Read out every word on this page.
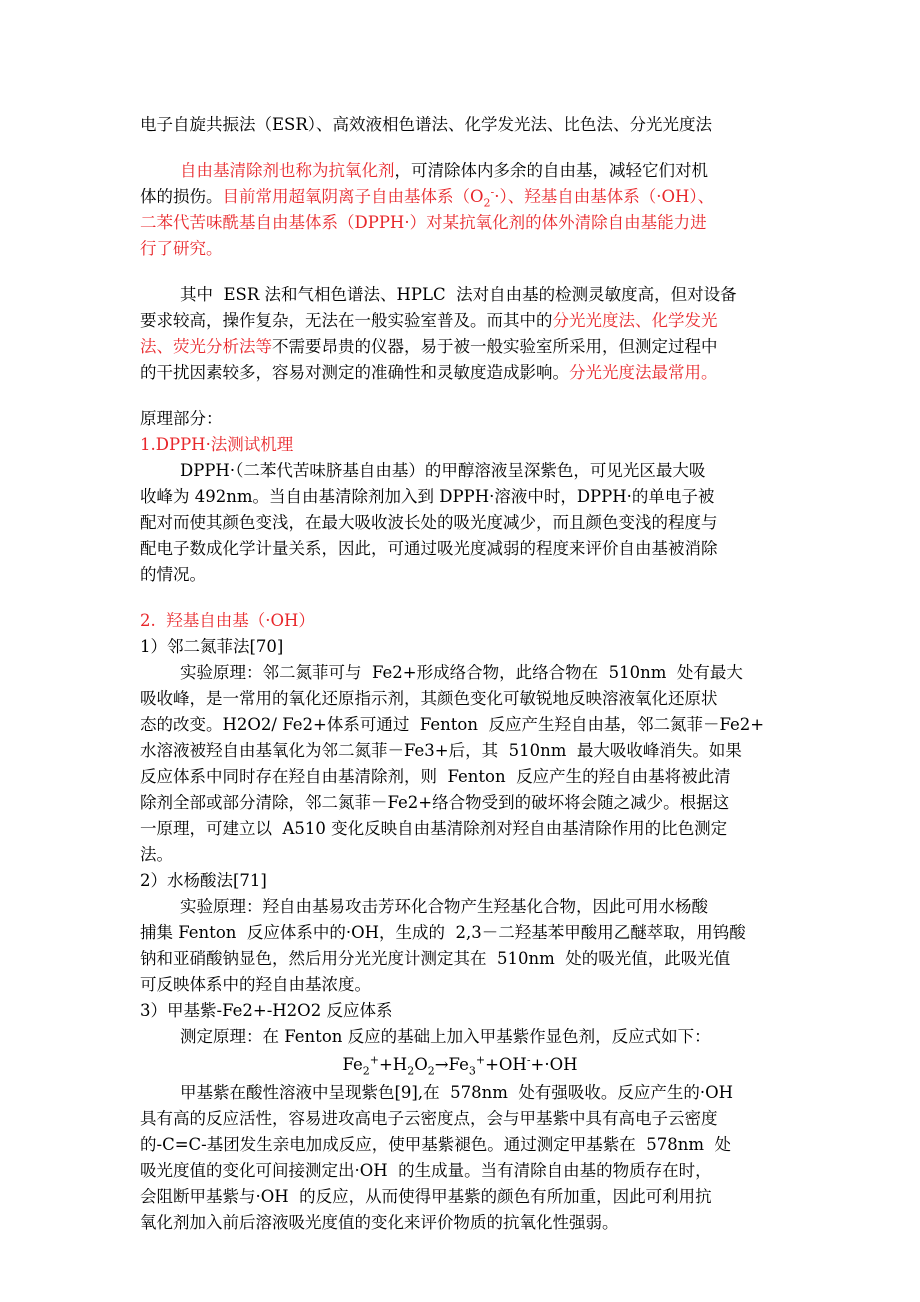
电子自旋共振法（ESR）、高效液相色谱法、化学发光法、比色法、分光光度法
自由基清除剂也称为抗氧化剂，可清除体内多余的自由基，减轻它们对机
体的损伤。目前常用超氧阴离子自由基体系$(O_2^-\cdot)$、羟基自由基体系（·OH）、
二苯代苦味酰基自由基体系（DPPH·）对某抗氧化剂的体外清除自由基能力进
行了研究。
其中  ESR 法和气相色谱法、HPLC  法对自由基的检测灵敏度高，但对设备
要求较高，操作复杂，无法在一般实验室普及。而其中的分光光度法、化学发光
法、荧光分析法等不需要昂贵的仪器，易于被一般实验室所采用，但测定过程中
的干扰因素较多，容易对测定的准确性和灵敏度造成影响。分光光度法最常用。
原理部分：
1.DPPH·法测试机理
DPPH·（二苯代苦味脐基自由基）的甲醇溶液呈深紫色，可见光区最大吸
收峰为 492nm。当自由基清除剂加入到 DPPH·溶液中时，DPPH·的单电子被
配对而使其颜色变浅，在最大吸收波长处的吸光度减少，而且颜色变浅的程度与
配电子数成化学计量关系，因此，可通过吸光度减弱的程度来评价自由基被消除
的情况。
2.  羟基自由基（·OH）
1）邻二氮菲法[70]
实验原理：邻二氮菲可与  Fe2+形成络合物，此络合物在  510nm  处有最大
吸收峰，是一常用的氧化还原指示剂，其颜色变化可敏锐地反映溶液氧化还原状
态的改变。H2O2/ Fe2+体系可通过  Fenton  反应产生羟自由基，邻二氮菲－Fe2+
水溶液被羟自由基氧化为邻二氮菲－Fe3+后，其  510nm  最大吸收峰消失。如果
反应体系中同时存在羟自由基清除剂，则  Fenton  反应产生的羟自由基将被此清
除剂全部或部分清除，邻二氮菲－Fe2+络合物受到的破坏将会随之减少。根据这
一原理，可建立以  A510 变化反映自由基清除剂对羟自由基清除作用的比色测定
法。
2）水杨酸法[71]
实验原理：羟自由基易攻击芳环化合物产生羟基化合物，因此可用水杨酸
捕集 Fenton  反应体系中的·OH，生成的  2,3－二羟基苯甲酸用乙醚萃取，用钨酸
钠和亚硝酸钠显色，然后用分光光度计测定其在  510nm  处的吸光值，此吸光值
可反映体系中的羟自由基浓度。
3）甲基紫-Fe2+-H2O2 反应体系
测定原理：在 Fenton 反应的基础上加入甲基紫作显色剂，反应式如下：
$Fe_2^++H_2O_2\to Fe_3^++OH^-+\cdot OH$
甲基紫在酸性溶液中呈现紫色[9],在  578nm  处有强吸收。反应产生的·OH
具有高的反应活性，容易进攻高电子云密度点，会与甲基紫中具有高电子云密度
的-C=C-基团发生亲电加成反应，使甲基紫褪色。通过测定甲基紫在  578nm  处
吸光度值的变化可间接测定出·OH  的生成量。当有清除自由基的物质存在时，
会阻断甲基紫与·OH  的反应，从而使得甲基紫的颜色有所加重，因此可利用抗
氧化剂加入前后溶液吸光度值的变化来评价物质的抗氧化性强弱。
